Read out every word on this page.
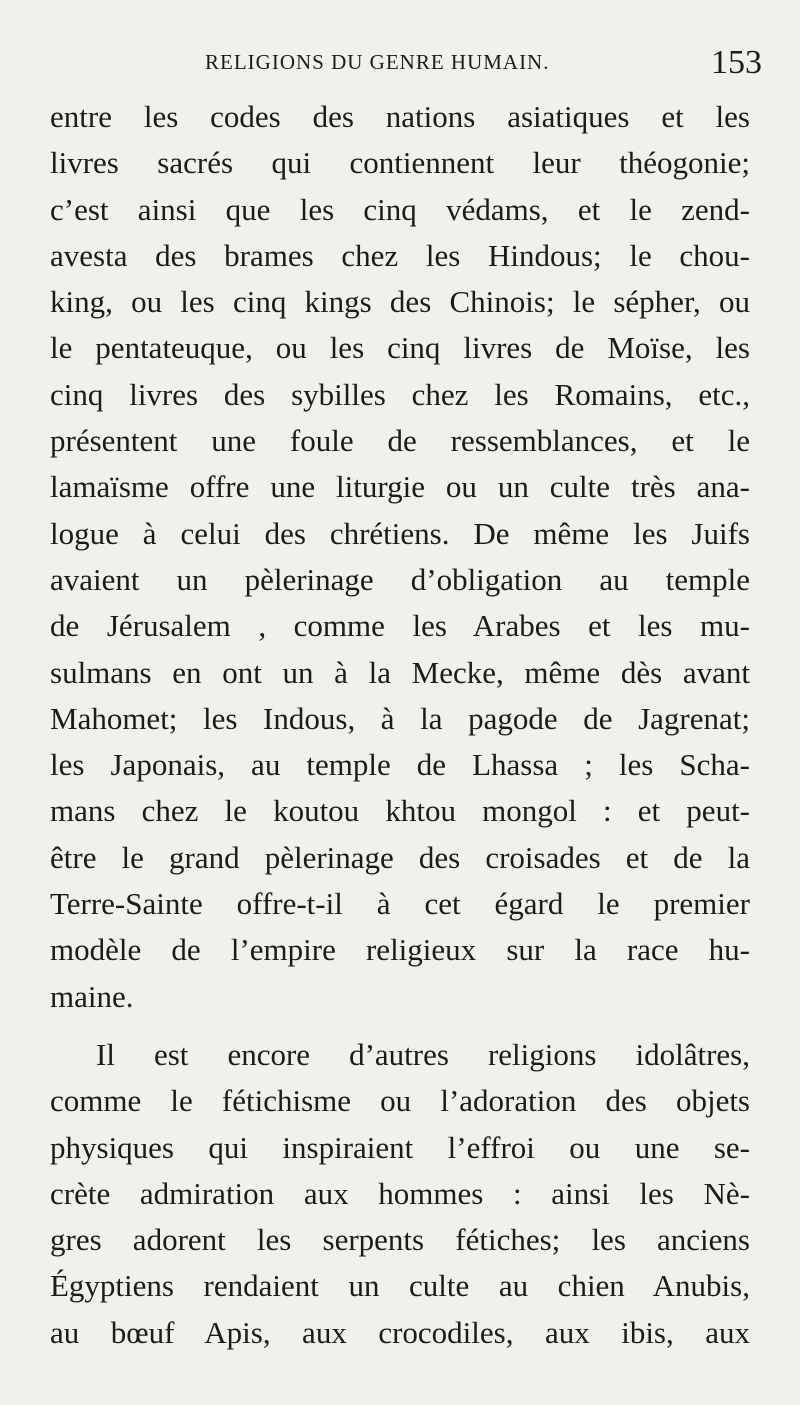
RELIGIONS DU GENRE HUMAIN.	153
entre les codes des nations asiatiques et les
livres sacrés qui contiennent leur théogonie;
c’est ainsi que les cinq védams, et le zend-
avesta des brames chez les Hindous; le chou-
king, ou les cinq kings des Chinois; le sépher, ou
le pentateuque, ou les cinq livres de Moïse, les
cinq livres des sybilles chez les Romains, etc.,
présentent une foule de ressemblances, et le
lamaïsme offre une liturgie ou un culte très ana-
logue à celui des chrétiens. De même les Juifs
avaient un pèlerinage d’obligation au temple
de Jérusalem , comme les Arabes et les mu-
sulmans en ont un à la Mecke, même dès avant
Mahomet; les Indous, à la pagode de Jagrenat;
les Japonais, au temple de Lhassa ; les Scha-
mans chez le koutou khtou mongol : et peut-
être le grand pèlerinage des croisades et de la
Terre-Sainte offre-t-il à cet égard le premier
modèle de l’empire religieux sur la race hu-
maine.
Il est encore d’autres religions idolâtres,
comme le fétichisme ou l’adoration des objets
physiques qui inspiraient l’effroi ou une se-
crète admiration aux hommes : ainsi les Nè-
gres adorent les serpents fétiches; les anciens
Égyptiens rendaient un culte au chien Anubis,
au bœuf Apis, aux crocodiles, aux ibis, aux
